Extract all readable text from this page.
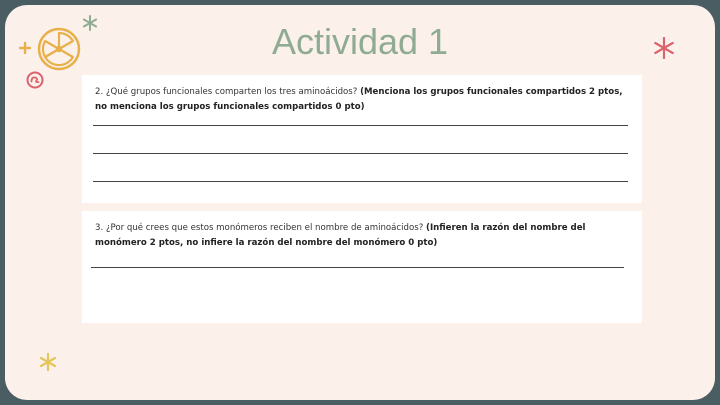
Actividad 1
2. ¿Qué grupos funcionales comparten los tres aminoácidos? (Menciona los grupos funcionales compartidos 2 ptos, no menciona los grupos funcionales compartidos 0 pto)
3. ¿Por qué crees que estos monómeros reciben el nombre de aminoácidos? (Infieren la razón del nombre del monómero 2 ptos, no infiere la razón del nombre del monómero 0 pto)
